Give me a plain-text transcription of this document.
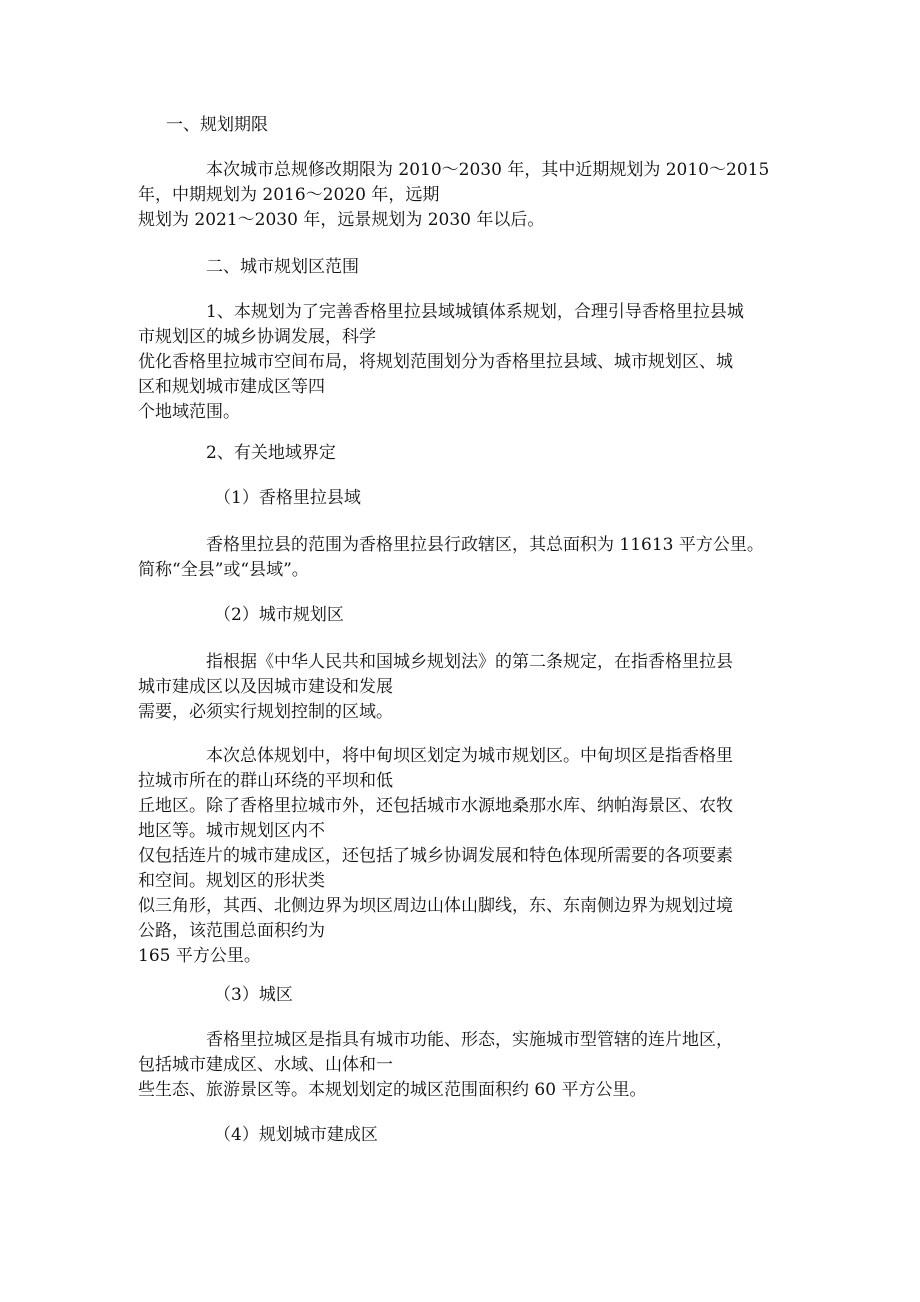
一、规划期限
本次城市总规修改期限为 2010～2030 年，其中近期规划为 2010～2015
年，中期规划为 2016～2020 年，远期
规划为 2021～2030 年，远景规划为 2030 年以后。
二、城市规划区范围
1、本规划为了完善香格里拉县域城镇体系规划，合理引导香格里拉县城
市规划区的城乡协调发展，科学
优化香格里拉城市空间布局，将规划范围划分为香格里拉县域、城市规划区、城
区和规划城市建成区等四
个地域范围。
2、有关地域界定
（1）香格里拉县域
香格里拉县的范围为香格里拉县行政辖区，其总面积为 11613 平方公里。
简称“全县”或“县域”。
（2）城市规划区
指根据《中华人民共和国城乡规划法》的第二条规定，在指香格里拉县
城市建成区以及因城市建设和发展
需要，必须实行规划控制的区域。
本次总体规划中，将中甸坝区划定为城市规划区。中甸坝区是指香格里
拉城市所在的群山环绕的平坝和低
丘地区。除了香格里拉城市外，还包括城市水源地桑那水库、纳帕海景区、农牧
地区等。城市规划区内不
仅包括连片的城市建成区，还包括了城乡协调发展和特色体现所需要的各项要素
和空间。规划区的形状类
似三角形，其西、北侧边界为坝区周边山体山脚线，东、东南侧边界为规划过境
公路，该范围总面积约为
165 平方公里。
（3）城区
香格里拉城区是指具有城市功能、形态，实施城市型管辖的连片地区，
包括城市建成区、水域、山体和一
些生态、旅游景区等。本规划划定的城区范围面积约 60 平方公里。
（4）规划城市建成区
